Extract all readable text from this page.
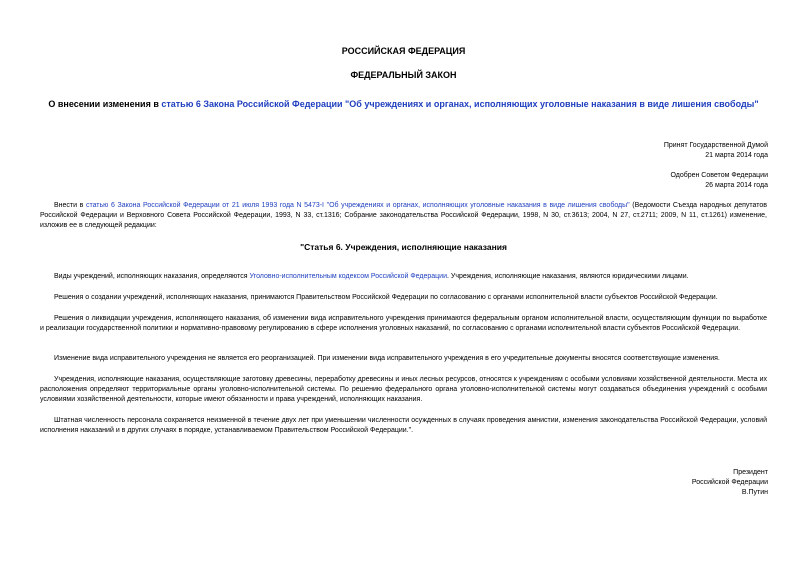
РОССИЙСКАЯ ФЕДЕРАЦИЯ
ФЕДЕРАЛЬНЫЙ ЗАКОН
О внесении изменения в статью 6 Закона Российской Федерации "Об учреждениях и органах, исполняющих уголовные наказания в виде лишения свободы"
Принят Государственной Думой
21 марта 2014 года
Одобрен Советом Федерации
26 марта 2014 года
Внести в статью 6 Закона Российской Федерации от 21 июля 1993 года N 5473-I "Об учреждениях и органах, исполняющих уголовные наказания в виде лишения свободы" (Ведомости Съезда народных депутатов Российской Федерации и Верховного Совета Российской Федерации, 1993, N 33, ст.1316; Собрание законодательства Российской Федерации, 1998, N 30, ст.3613; 2004, N 27, ст.2711; 2009, N 11, ст.1261) изменение, изложив ее в следующей редакции:
"Статья 6. Учреждения, исполняющие наказания
Виды учреждений, исполняющих наказания, определяются Уголовно-исполнительным кодексом Российской Федерации. Учреждения, исполняющие наказания, являются юридическими лицами.
Решения о создании учреждений, исполняющих наказания, принимаются Правительством Российской Федерации по согласованию с органами исполнительной власти субъектов Российской Федерации.
Решения о ликвидации учреждения, исполняющего наказания, об изменении вида исправительного учреждения принимаются федеральным органом исполнительной власти, осуществляющим функции по выработке и реализации государственной политики и нормативно-правовому регулированию в сфере исполнения уголовных наказаний, по согласованию с органами исполнительной власти субъектов Российской Федерации.
Изменение вида исправительного учреждения не является его реорганизацией. При изменении вида исправительного учреждения в его учредительные документы вносятся соответствующие изменения.
Учреждения, исполняющие наказания, осуществляющие заготовку древесины, переработку древесины и иных лесных ресурсов, относятся к учреждениям с особыми условиями хозяйственной деятельности. Места их расположения определяют территориальные органы уголовно-исполнительной системы. По решению федерального органа уголовно-исполнительной системы могут создаваться объединения учреждений с особыми условиями хозяйственной деятельности, которые имеют обязанности и права учреждений, исполняющих наказания.
Штатная численность персонала сохраняется неизменной в течение двух лет при уменьшении численности осужденных в случаях проведения амнистии, изменения законодательства Российской Федерации, условий исполнения наказаний и в других случаях в порядке, устанавливаемом Правительством Российской Федерации.".
Президент
Российской Федерации
В.Путин
